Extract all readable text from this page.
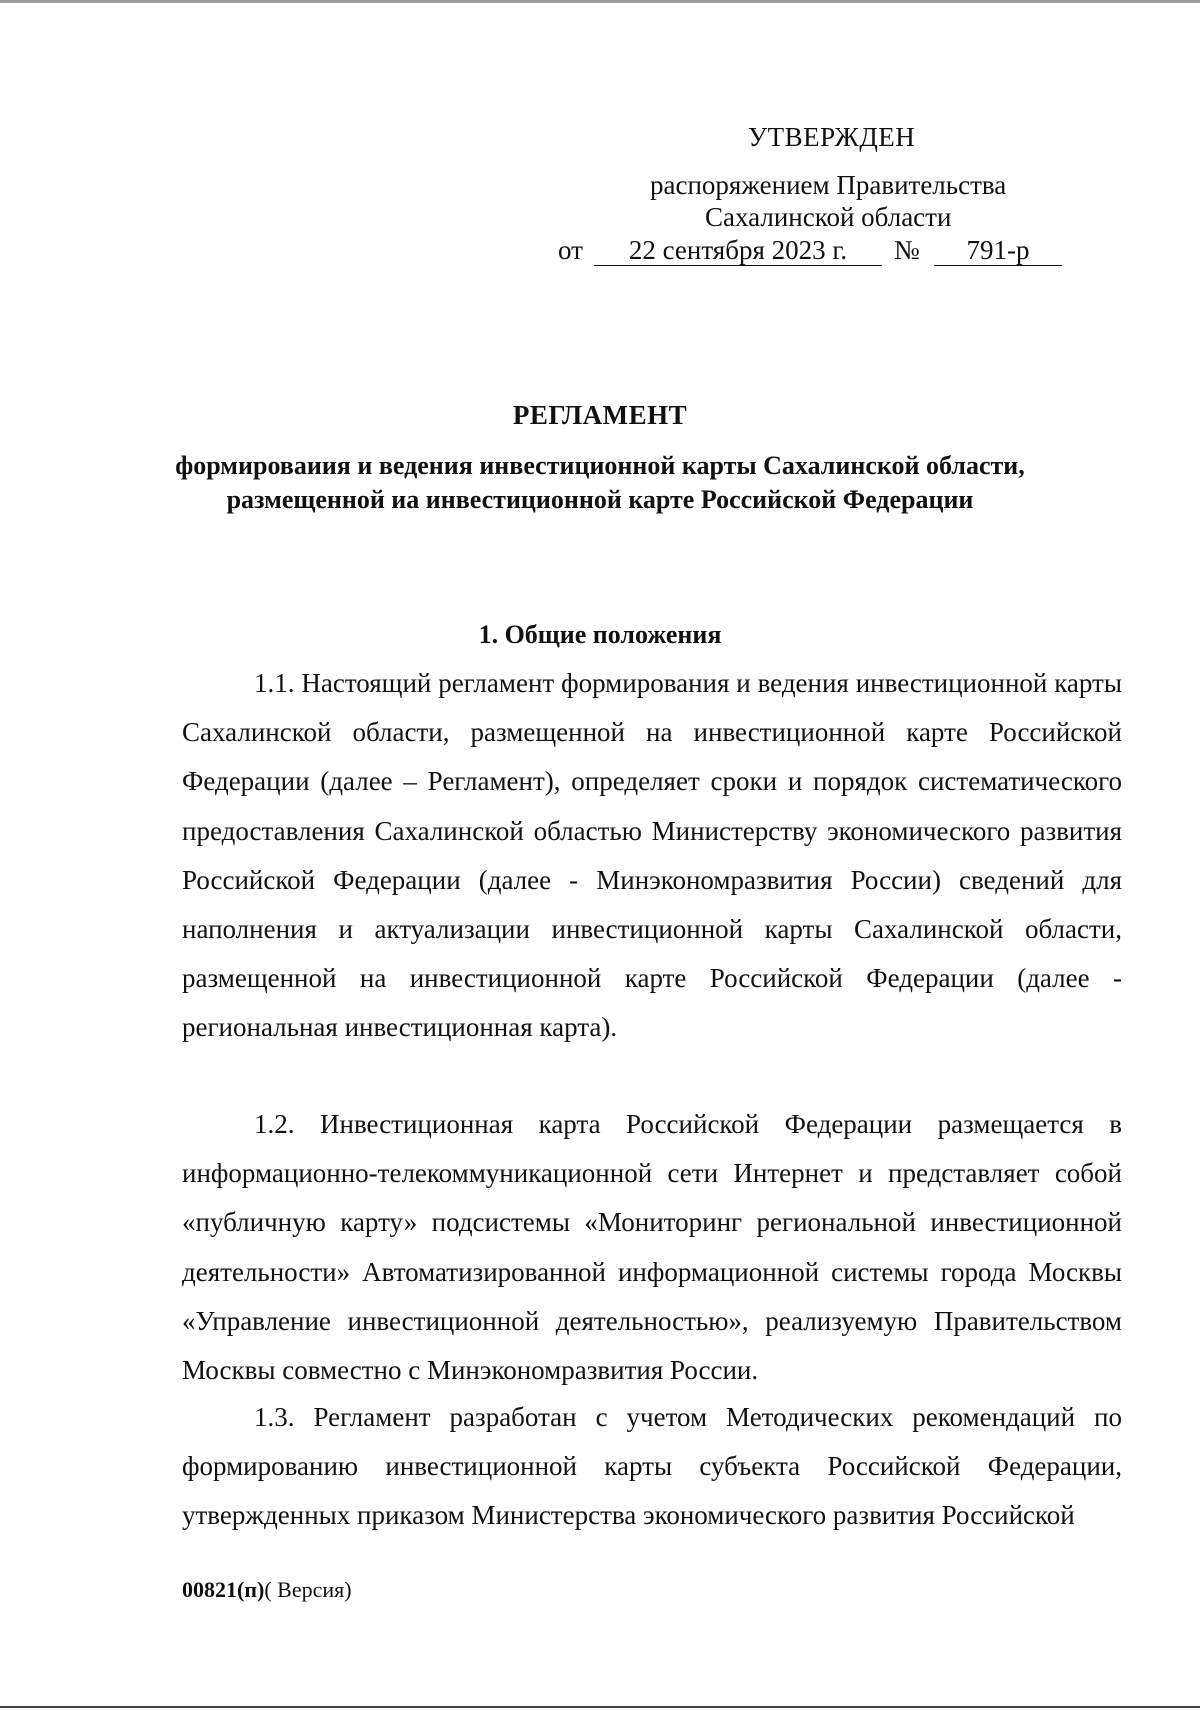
УТВЕРЖДЕН
распоряжением Правительства
Сахалинской области
от	22 сентября 2023 г.	№	791-р
РЕГЛАМЕНТ
формироваиия и ведения инвестиционной карты Сахалинской области,
размещенной иа инвестиционной карте Российской Федерации
1. Общие положения

1.1. Настоящий регламент формирования и ведения инвестиционной карты Сахалинской области, размещенной на инвестиционной карте Российской Федерации (далее – Регламент), определяет сроки и порядок систематического предоставления Сахалинской областью Министерству экономического развития Российской Федерации (далее - Минэкономразвития России) сведений для наполнения и актуализации инвестиционной карты Сахалинской области, размещенной на инвестиционной карте Российской Федерации (далее - региональная инвестиционная карта).

1.2. Инвестиционная карта Российской Федерации размещается в информационно-телекоммуникационной сети Интернет и представляет собой «публичную карту» подсистемы «Мониторинг региональной инвестиционной деятельности» Автоматизированной информационной системы города Москвы «Управление инвестиционной деятельностью», реализуемую Правительством Москвы совместно с Минэкономразвития России.

1.3. Регламент разработан с учетом Методических рекомендаций по формированию инвестиционной карты субъекта Российской Федерации, утвержденных приказом Министерства экономического развития Российской

00821(п)( Версия)
